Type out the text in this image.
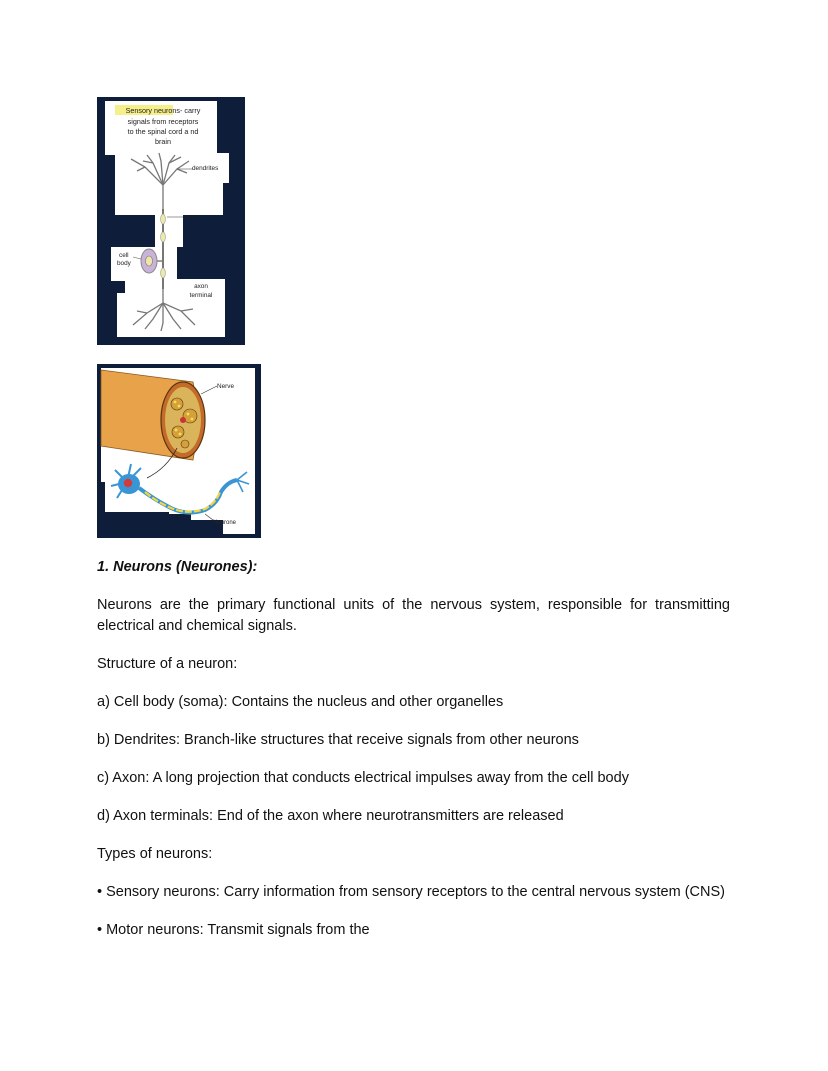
Sensory neurons- carry
signals from receptors
to the spinal cord a nd
brain
dendrites
axon
cell
body
axon
terminal
Nerve
Neurone
1. Neurons (Neurones):
Neurons are the primary functional units of the nervous system, responsible for transmitting electrical and chemical signals.
Structure of a neuron:
a) Cell body (soma): Contains the nucleus and other organelles
b) Dendrites: Branch-like structures that receive signals from other neurons
c) Axon: A long projection that conducts electrical impulses away from the cell body
d) Axon terminals: End of the axon where neurotransmitters are released
Types of neurons:
• Sensory neurons: Carry information from sensory receptors to the central nervous system (CNS)
• Motor neurons: Transmit signals from the
